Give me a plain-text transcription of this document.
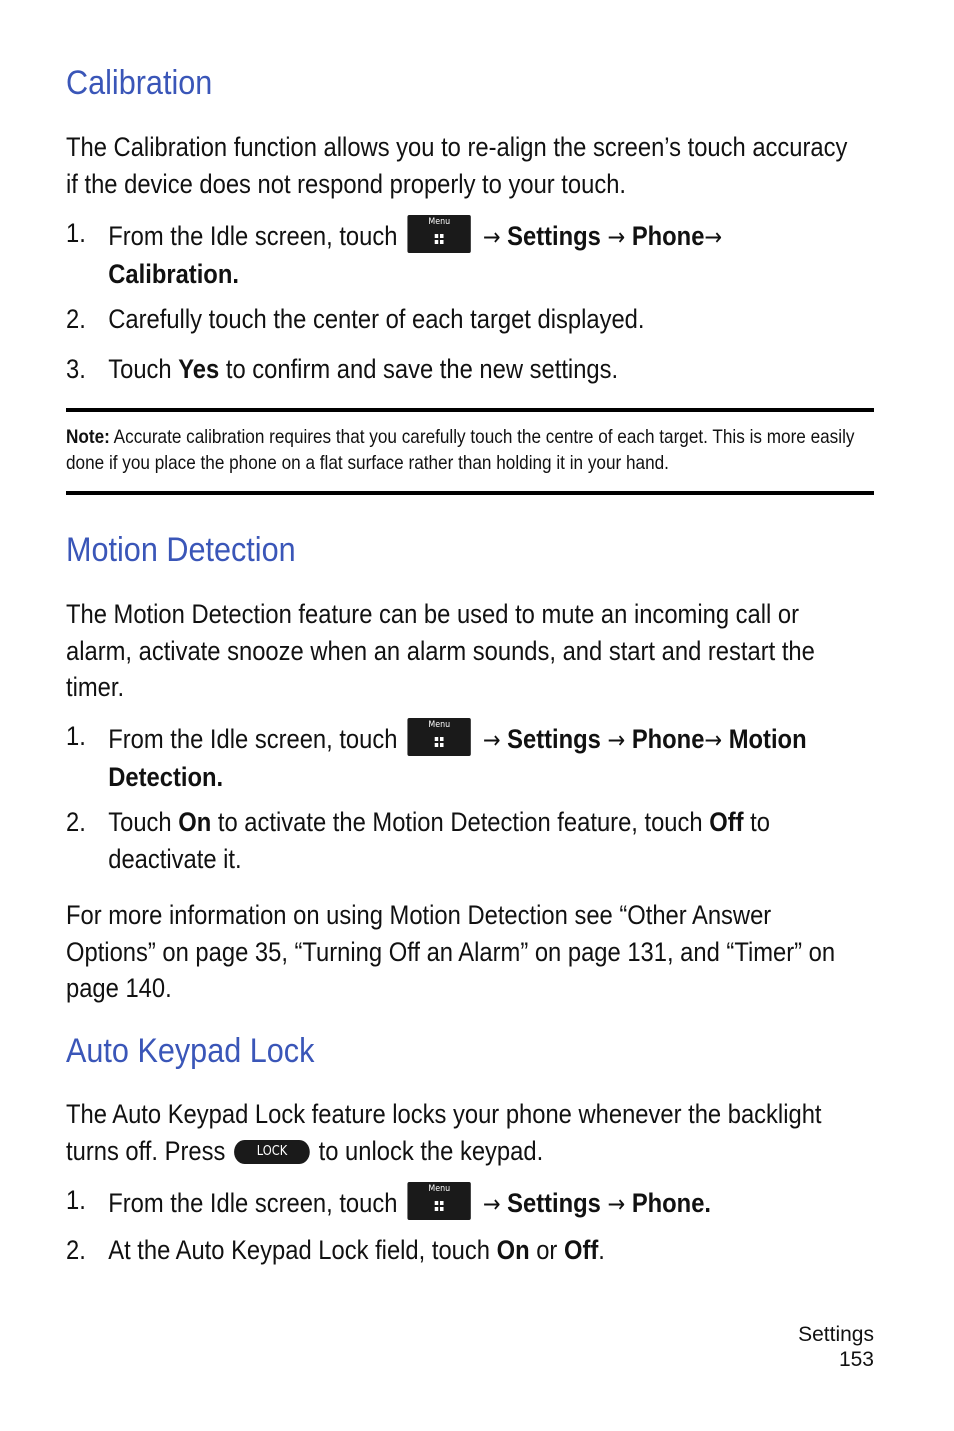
Calibration

The Calibration function allows you to re-align the screen’s touch accuracy if the device does not respond properly to your touch.

1. From the Idle screen, touch	Menu
→ Settings → Phone→
Calibration.
2. Carefully touch the center of each target displayed.
3. Touch Yes to confirm and save the new settings.
Note: Accurate calibration requires that you carefully touch the centre of each target. This is more easily done if you place the phone on a flat surface rather than holding it in your hand.
Motion Detection

The Motion Detection feature can be used to mute an incoming call or alarm, activate snooze when an alarm sounds, and start and restart the timer.

1. From the Idle screen, touch	Menu
→ Settings → Phone→ Motion
Detection.
2. Touch On to activate the Motion Detection feature, touch Off to deactivate it.

For more information on using Motion Detection see “Other Answer Options” on page 35, “Turning Off an Alarm” on page 131, and “Timer” on page 140.

Auto Keypad Lock

The Auto Keypad Lock feature locks your phone whenever the backlight turns off. Press	LOCK	to unlock the keypad.

1. From the Idle screen, touch	Menu
→ Settings → Phone.
2. At the Auto Keypad Lock field, touch On or Off.
Settings
153
